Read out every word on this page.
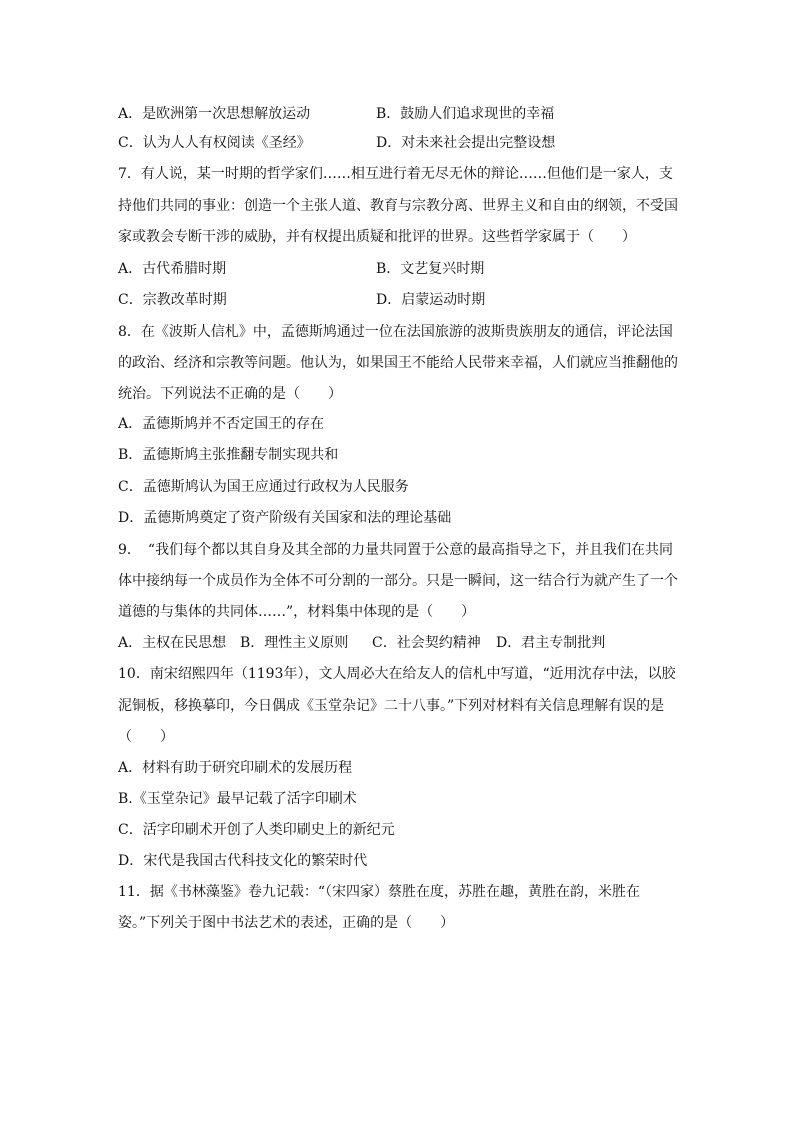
A．是欧洲第一次思想解放运动	B．鼓励人们追求现世的幸福
C．认为人人有权阅读《圣经》	D．对未来社会提出完整设想
7．有人说，某一时期的哲学家们……相互进行着无尽无休的辩论……但他们是一家人，支
持他们共同的事业：创造一个主张人道、教育与宗教分离、世界主义和自由的纲领，不受国
家或教会专断干涉的威胁，并有权提出质疑和批评的世界。这些哲学家属于（　　）
A．古代希腊时期	B．文艺复兴时期
C．宗教改革时期	D．启蒙运动时期
8．在《波斯人信札》中，孟德斯鸠通过一位在法国旅游的波斯贵族朋友的通信，评论法国
的政治、经济和宗教等问题。他认为，如果国王不能给人民带来幸福，人们就应当推翻他的
统治。下列说法不正确的是（　　）
A．孟德斯鸠并不否定国王的存在
B．孟德斯鸠主张推翻专制实现共和
C．孟德斯鸠认为国王应通过行政权为人民服务
D．孟德斯鸠奠定了资产阶级有关国家和法的理论基础
9．　“我们每个都以其自身及其全部的力量共同置于公意的最高指导之下，并且我们在共同
体中接纳每一个成员作为全体不可分割的一部分。只是一瞬间，这一结合行为就产生了一个
道德的与集体的共同体……”，材料集中体现的是（　　）
A．主权在民思想 B．理性主义原则 C．社会契约精神 D．君主专制批判
10．南宋绍熙四年（1193年），文人周必大在给友人的信札中写道，“近用沈存中法，以胶
泥铜板，移换摹印，今日偶成《玉堂杂记》二十八事。”下列对材料有关信息理解有误的是
（　　）
A．材料有助于研究印刷术的发展历程
B.《玉堂杂记》最早记载了活字印刷术
C．活字印刷术开创了人类印刷史上的新纪元
D．宋代是我国古代科技文化的繁荣时代
11．据《书林藻鉴》卷九记载：“（宋四家）蔡胜在度，苏胜在趣，黄胜在韵，米胜在
姿。”下列关于图中书法艺术的表述，正确的是（　　）
